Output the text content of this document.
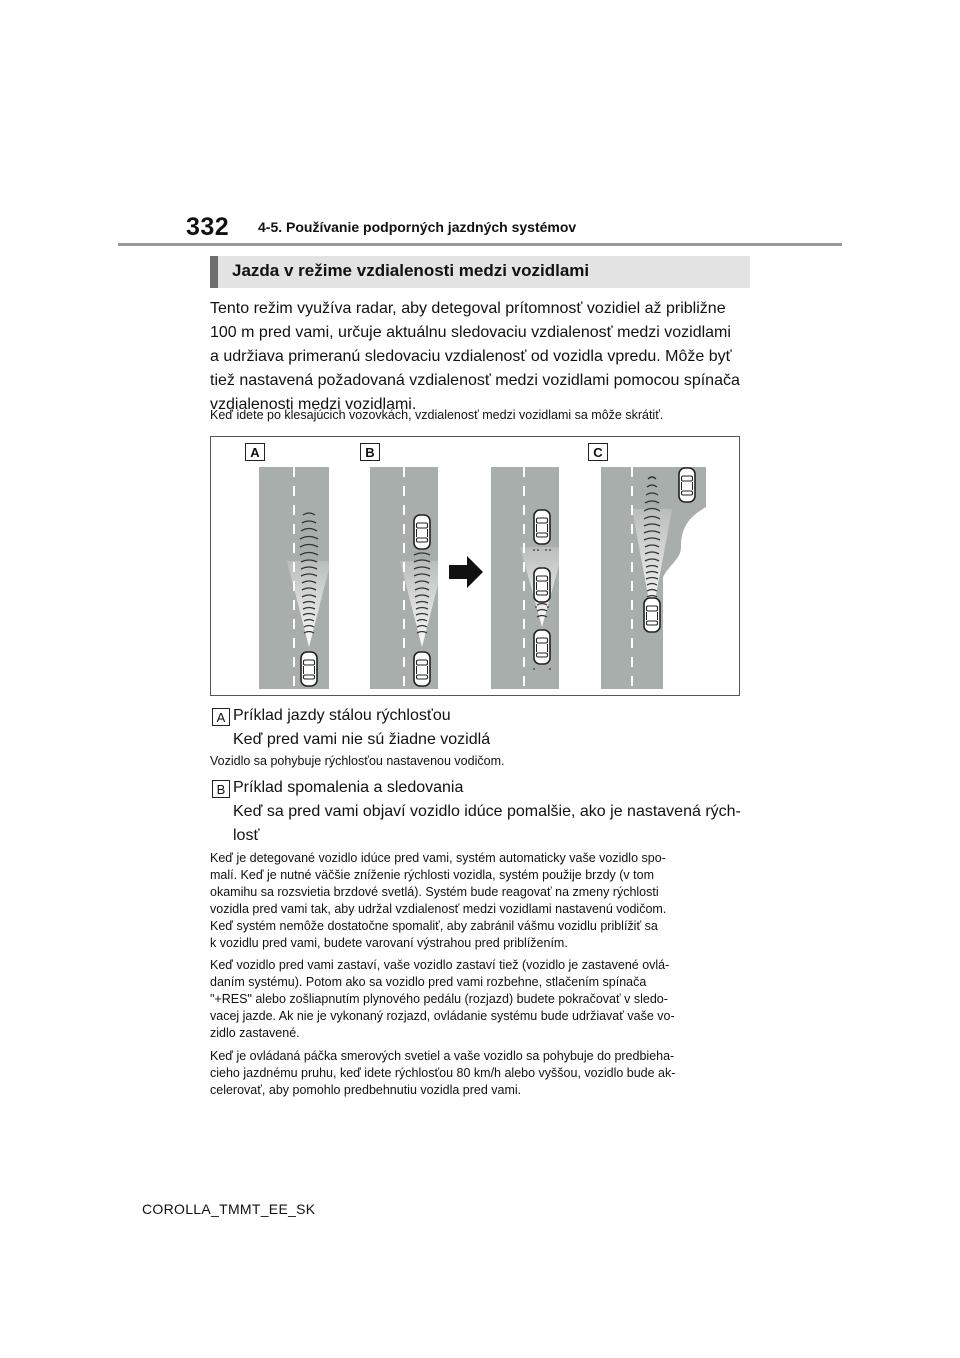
332 4-5. Používanie podporných jazdných systémov
Jazda v režime vzdialenosti medzi vozidlami
Tento režim využíva radar, aby detegoval prítomnosť vozidiel až približne
100 m pred vami, určuje aktuálnu sledovaciu vzdialenosť medzi vozidlami
a udržiava primeranú sledovaciu vzdialenosť od vozidla vpredu. Môže byť
tiež nastavená požadovaná vzdialenosť medzi vozidlami pomocou spínača
vzdialenosti medzi vozidlami.
Keď idete po klesajúcich vozovkách, vzdialenosť medzi vozidlami sa môže skrátiť.
A	B	C
A Príklad jazdy stálou rýchlosťou
Keď pred vami nie sú žiadne vozidlá
Vozidlo sa pohybuje rýchlosťou nastavenou vodičom.
B Príklad spomalenia a sledovania
Keď sa pred vami objaví vozidlo idúce pomalšie, ako je nastavená rých-
losť
Keď je detegované vozidlo idúce pred vami, systém automaticky vaše vozidlo spo-
malí. Keď je nutné väčšie zníženie rýchlosti vozidla, systém použije brzdy (v tom
okamihu sa rozsvietia brzdové svetlá). Systém bude reagovať na zmeny rýchlosti
vozidla pred vami tak, aby udržal vzdialenosť medzi vozidlami nastavenú vodičom.
Keď systém nemôže dostatočne spomaliť, aby zabránil vášmu vozidlu priblížiť sa
k vozidlu pred vami, budete varovaní výstrahou pred priblížením.
Keď vozidlo pred vami zastaví, vaše vozidlo zastaví tiež (vozidlo je zastavené ovlá-
daním systému). Potom ako sa vozidlo pred vami rozbehne, stlačením spínača
"+RES" alebo zošliapnutím plynového pedálu (rozjazd) budete pokračovať v sledo-
vacej jazde. Ak nie je vykonaný rozjazd, ovládanie systému bude udržiavať vaše vo-
zidlo zastavené.
Keď je ovládaná páčka smerových svetiel a vaše vozidlo sa pohybuje do predbieha-
cieho jazdnému pruhu, keď idete rýchlosťou 80 km/h alebo vyššou, vozidlo bude ak-
celerovať, aby pomohlo predbehnutiu vozidla pred vami.
COROLLA_TMMT_EE_SK
